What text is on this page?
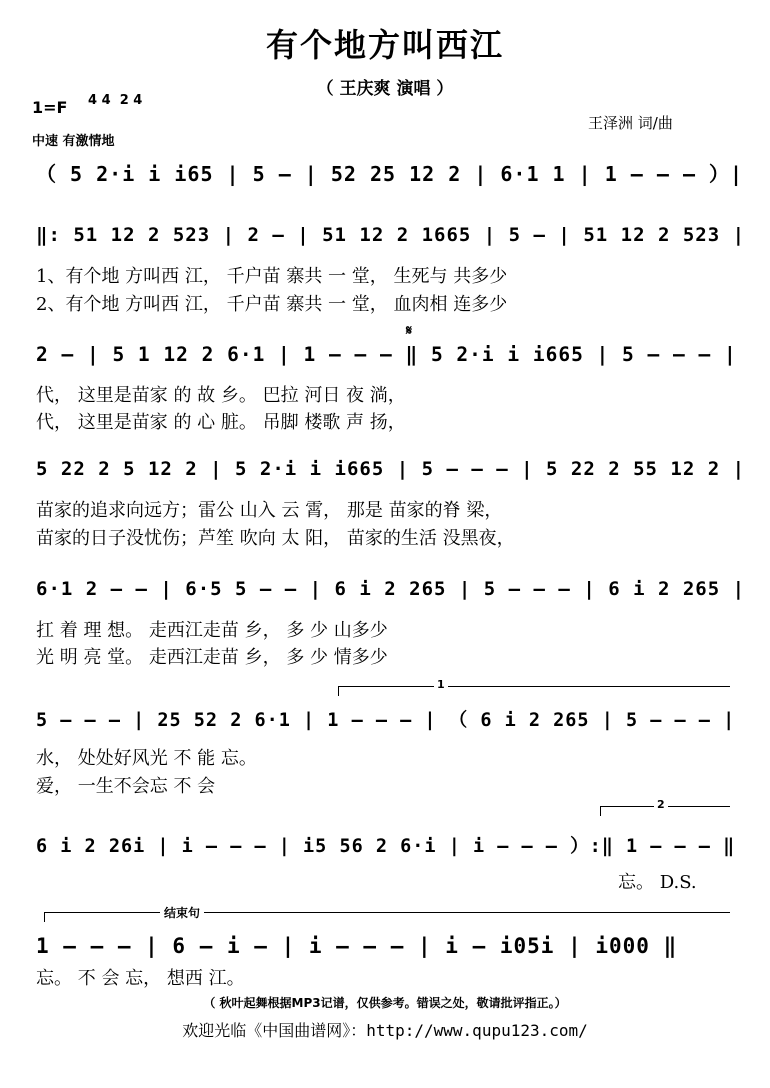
有个地方叫西江
（ 王庆爽 演唱 ）
1=F 4 4 2 4
中速 有激情地
王泽洲 词/曲
（ 5 2·i i i65 | 5 – | 52 25 12 2 | 6·1 1 | 1 – – – ）|
‖: 51 12 2 523 | 2 – | 51 12 2 1665 | 5 – | 51 12 2 523 |
1、有个地 方叫西 江， 千户苗 寨共 一 堂， 生死与 共多少
2、有个地 方叫西 江， 千户苗 寨共 一 堂， 血肉相 连多少
𝄋
2 – | 5 1 12 2 6·1 | 1 – – – ‖ 5 2·i i i665 | 5 – – – |
代， 这里是苗家 的 故 乡。 巴拉 河日 夜 淌，
代， 这里是苗家 的 心 脏。 吊脚 楼歌 声 扬，
5 22 2 5 12 2 | 5 2·i i i665 | 5 – – – | 5 22 2 55 12 2 |
苗家的追求向远方；雷公 山入 云 霄， 那是 苗家的脊 梁，
苗家的日子没忧伤；芦笙 吹向 太 阳， 苗家的生活 没黑夜，
6·1 2 – – | 6·5 5 – – | 6 i 2 265 | 5 – – – | 6 i 2 265 |
扛 着 理 想。 走西江走苗 乡， 多 少 山多少
光 明 亮 堂。 走西江走苗 乡， 多 少 情多少
1
5 – – – | 25 52 2 6·1 | 1 – – – | （ 6 i 2 265 | 5 – – – |
水， 处处好风光 不 能 忘。
爱， 一生不会忘 不 会
2
6 i 2 26i | i – – – | i5 56 2 6·i | i – – – ）:‖ 1 – – – ‖
忘。 D.S.
结束句
1 – – – | 6 – i – | i – – – | i – i05i | i000 ‖
忘。 不 会 忘， 想西 江。
（ 秋叶起舞根据MP3记谱，仅供参考。错误之处，敬请批评指正。）
欢迎光临《中国曲谱网》：http://www.qupu123.com/
